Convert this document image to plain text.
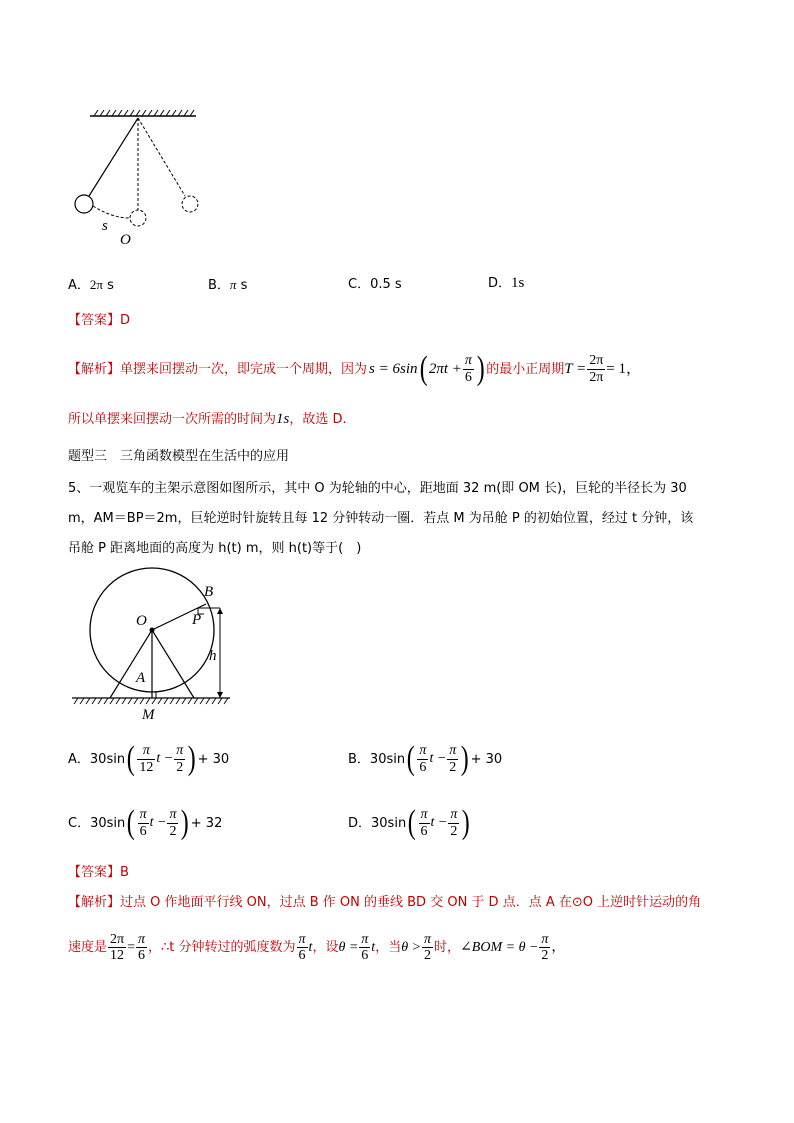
s
O
A．2π s	B．π s	C．0.5 s	D．1s
【答案】D
【解析】 单摆来回摆动一次，即完成一个周期，因为 s = 6sin ( $2\pi t + \frac{\pi}{6}$ ) 的最小正周期 $T = \frac{2\pi}{2\pi} = 1$，
所以单摆来回摆动一次所需的时间为1s，故选 D.
题型三　三角函数模型在生活中的应用
5、一观览车的主架示意图如图所示，其中 O 为轮轴的中心，距地面 32 m(即 OM 长)，巨轮的半径长为 30
m，AM＝BP＝2m，巨轮逆时针旋转且每 12 分钟转动一圈．若点 M 为吊舱 P 的初始位置，经过 t 分钟，该
吊舱 P 距离地面的高度为 h(t) m，则 h(t)等于(　)
B
O	P
h
A
M
A． 30sin ( $\frac{\pi}{12}$ $t - \frac{\pi}{2}$ ) + 30	B． 30sin ( $\frac{\pi}{6}$ $t - \frac{\pi}{2}$ ) + 30
C． 30sin ( $\frac{\pi}{6}$ $t - \frac{\pi}{2}$ ) + 32	D． 30sin ( $\frac{\pi}{6}$ $t - \frac{\pi}{2}$ )
【答案】B
【解析】过点 O 作地面平行线 ON，过点 B 作 ON 的垂线 BD 交 ON 于 D 点．点 A 在⊙O 上逆时针运动的角
速度是 $\frac{2\pi}{12} = \frac{\pi}{6}$ ，∴t 分钟转过的弧度数为 $\frac{\pi}{6}$ t ，设 $\theta = \frac{\pi}{6}$ t ，当 $\theta > \frac{\pi}{2}$ 时， ∠BOM = $\theta - \frac{\pi}{2}$ ，
